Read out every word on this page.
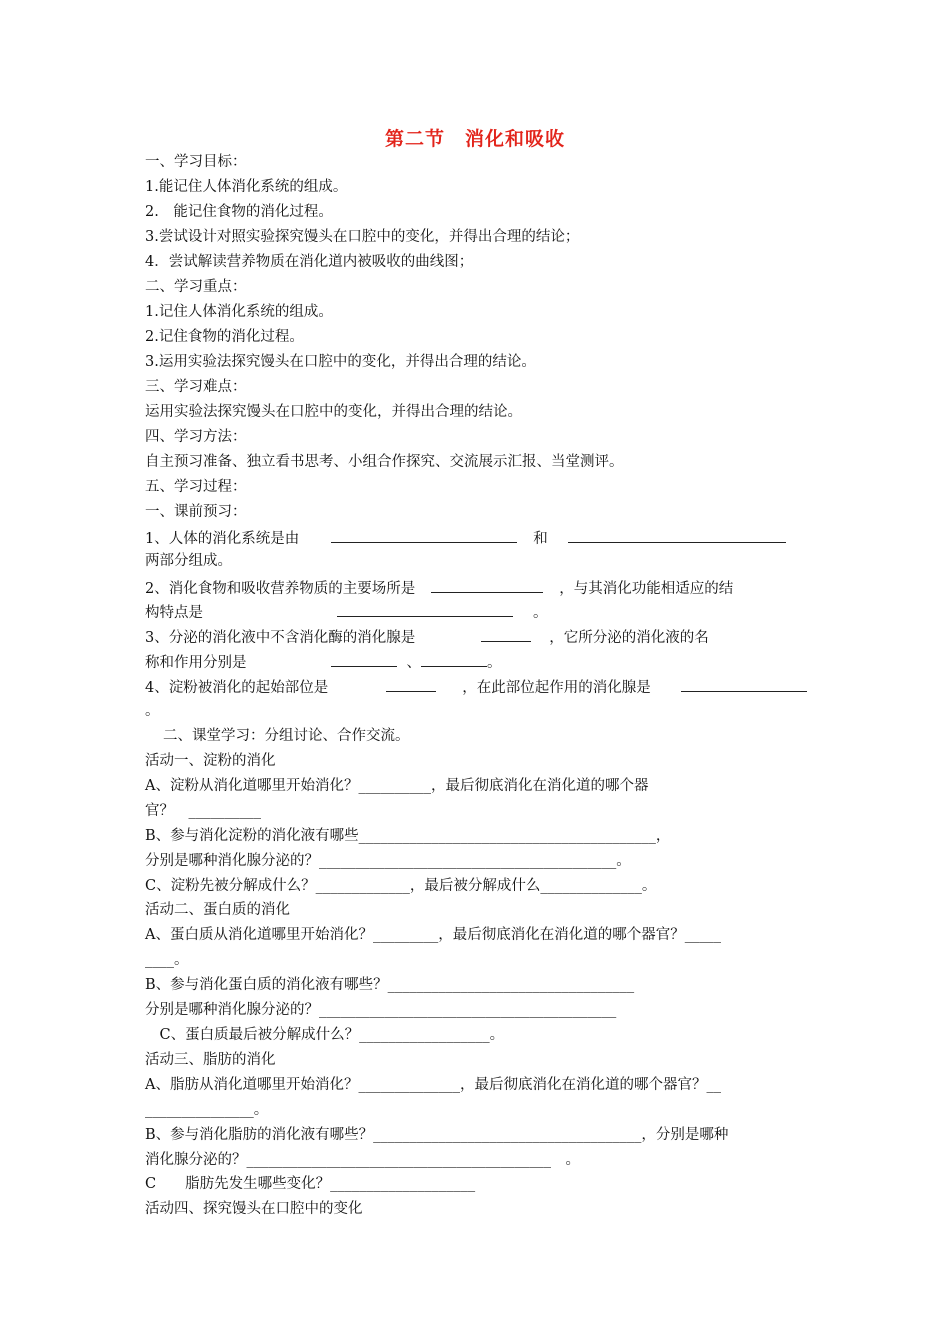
第二节　消化和吸收
一、学习目标：
1.能记住人体消化系统的组成。
2.　能记住食物的消化过程。
3.尝试设计对照实验探究馒头在口腔中的变化，并得出合理的结论；
4．尝试解读营养物质在消化道内被吸收的曲线图；
二、学习重点：
1.记住人体消化系统的组成。
2.记住食物的消化过程。
3.运用实验法探究馒头在口腔中的变化，并得出合理的结论。
三、学习难点：
运用实验法探究馒头在口腔中的变化，并得出合理的结论。
四、学习方法：
自主预习准备、独立看书思考、小组合作探究、交流展示汇报、当堂测评。
五、学习过程：
一、课前预习：
1、人体的消化系统是由	和
两部分组成。
2、消化食物和吸收营养物质的主要场所是	，与其消化功能相适应的结
构特点是	。
3、分泌的消化液中不含消化酶的消化腺是	，它所分泌的消化液的名
称和作用分别是	、	。
4、淀粉被消化的起始部位是	，在此部位起作用的消化腺是
。
二、课堂学习：分组讨论、合作交流。
活动一、淀粉的消化
A、淀粉从消化道哪里开始消化？__________，最后彻底消化在消化道的哪个器
官？　__________
B、参与消化淀粉的消化液有哪些_________________________________________，
分别是哪种消化腺分泌的？_________________________________________。
C、淀粉先被分解成什么？_____________，最后被分解成什么______________。
活动二、蛋白质的消化
A、蛋白质从消化道哪里开始消化？_________，最后彻底消化在消化道的哪个器官？_____
____。
B、参与消化蛋白质的消化液有哪些？__________________________________
分别是哪种消化腺分泌的？_________________________________________
　C、蛋白质最后被分解成什么？__________________。
活动三、脂肪的消化
A、脂肪从消化道哪里开始消化？______________，最后彻底消化在消化道的哪个器官？__
_______________。
B、参与消化脂肪的消化液有哪些？_____________________________________，分别是哪种
消化腺分泌的？__________________________________________　。
C　　脂肪先发生哪些变化？____________________
活动四、探究馒头在口腔中的变化
